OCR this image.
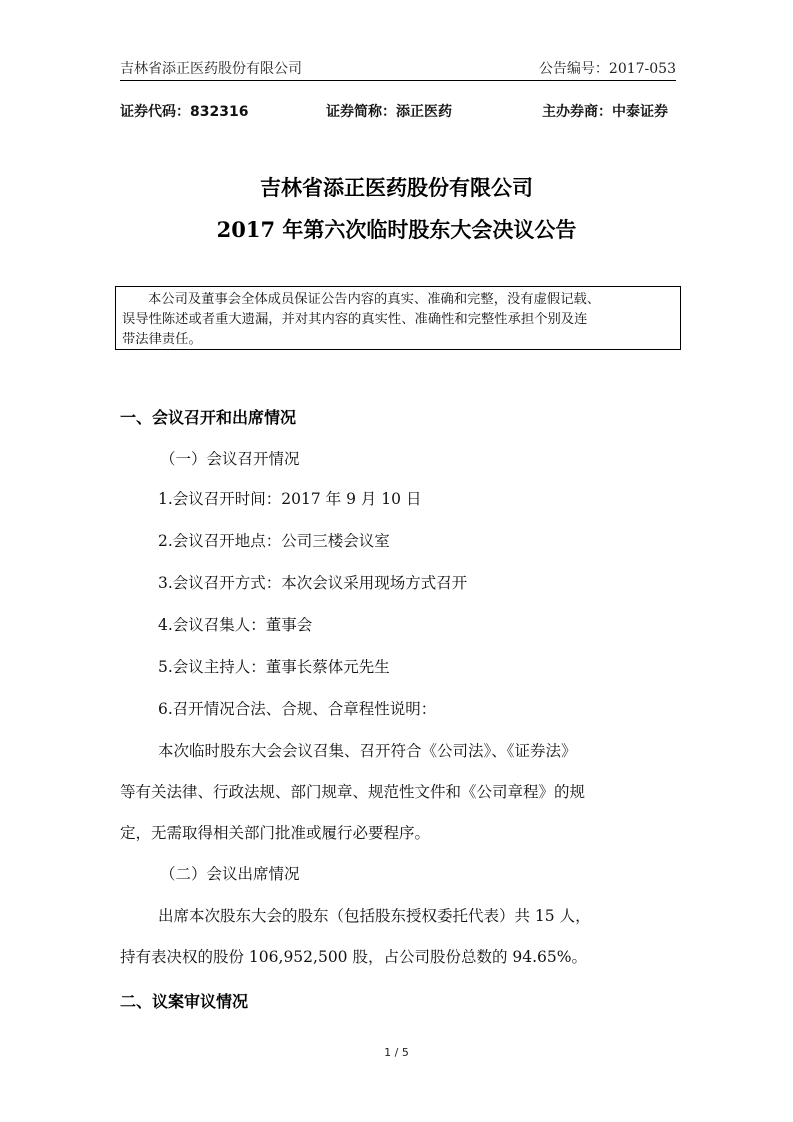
吉林省添正医药股份有限公司	公告编号：2017-053
证券代码：832316	证券简称：添正医药	主办券商：中泰证券
吉林省添正医药股份有限公司
2017 年第六次临时股东大会决议公告
本公司及董事会全体成员保证公告内容的真实、准确和完整，没有虚假记载、
误导性陈述或者重大遗漏，并对其内容的真实性、准确性和完整性承担个别及连
带法律责任。
一、会议召开和出席情况
（一）会议召开情况
1.会议召开时间：2017 年 9 月 10 日
2.会议召开地点：公司三楼会议室
3.会议召开方式：本次会议采用现场方式召开
4.会议召集人：董事会
5.会议主持人：董事长蔡体元先生
6.召开情况合法、合规、合章程性说明：
本次临时股东大会会议召集、召开符合《公司法》、《证券法》
等有关法律、行政法规、部门规章、规范性文件和《公司章程》的规
定，无需取得相关部门批准或履行必要程序。
（二）会议出席情况
出席本次股东大会的股东（包括股东授权委托代表）共 15 人，
持有表决权的股份 106,952,500 股，占公司股份总数的 94.65%。
二、议案审议情况
1 / 5
